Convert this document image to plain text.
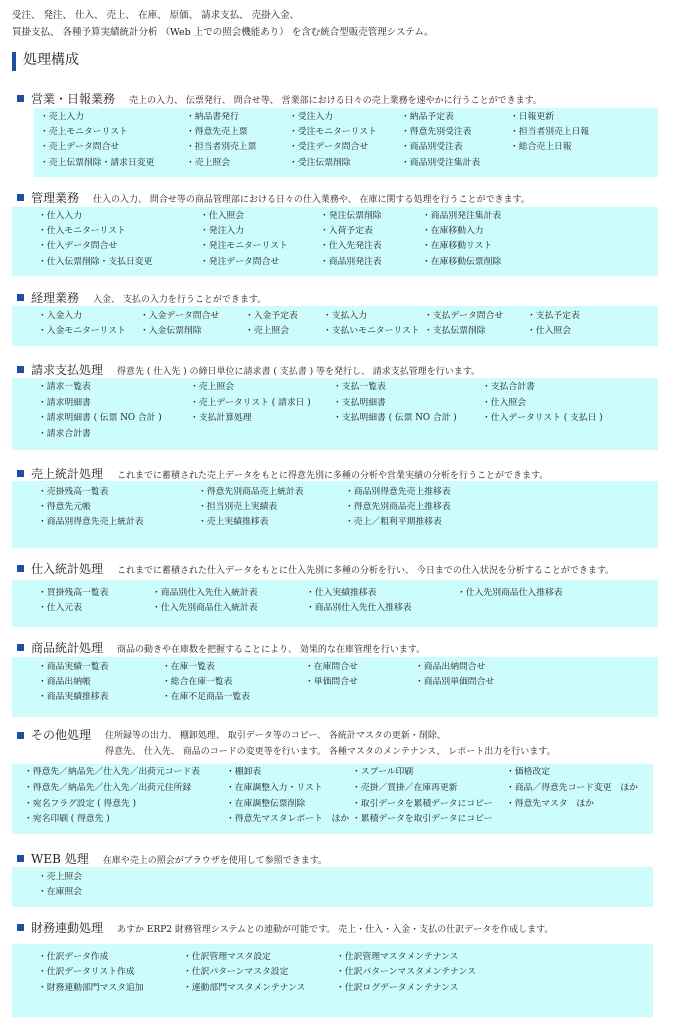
受注、 発注、 仕入、 売上、 在庫、 原価、 請求支払、 売掛入金、
買掛支払、 各種予算実績統計分析 （Web 上での照会機能あり） を含む統合型販売管理システム。
処理構成
営業・日報業務 売上の入力、 伝票発行、 問合せ等、 営業部における日々の売上業務を速やかに行うことができます。
・売上入力
・売上モニターリスト
・売上データ問合せ
・売上伝票削除・請求日変更
・納品書発行
・得意先売上票
・担当者別売上票
・売上照会
・受注入力
・受注モニターリスト
・受注データ問合せ
・受注伝票削除
・納品予定表
・得意先別受注表
・商品別受注表
・商品別受注集計表
・日報更新
・担当者別売上日報
・総合売上日報
管理業務 仕入の入力、 問合せ等の商品管理部における日々の仕入業務や、 在庫に関する処理を行うことができます。
・仕入入力
・仕入モニターリスト
・仕入データ問合せ
・仕入伝票削除・支払日変更
・仕入照会
・発注入力
・発注モニターリスト
・発注データ問合せ
・発注伝票削除
・入荷予定表
・仕入先発注表
・商品別発注表
・商品別発注集計表
・在庫移動入力
・在庫移動リスト
・在庫移動伝票削除
経理業務 入金、 支払の入力を行うことができます。
・入金入力
・入金モニターリスト
・入金データ問合せ
・入金伝票削除
・入金予定表
・売上照会
・支払入力
・支払いモニターリスト
・支払データ問合せ
・支払伝票削除
・支払予定表
・仕入照会
請求支払処理 得意先 ( 仕入先 ) の締日単位に請求書 ( 支払書 ) 等を発行し、 請求支払管理を行います。
・請求一覧表
・請求明細書
・請求明細書 ( 伝票 NO 合計 )
・請求合計書
・売上照会
・売上データリスト ( 請求日 )
・支払計算処理
・支払一覧表
・支払明細書
・支払明細書 ( 伝票 NO 合計 )
・支払合計書
・仕入照会
・仕入データリスト ( 支払日 )
売上統計処理 これまでに蓄積された売上データをもとに得意先別に多種の分析や営業実績の分析を行うことができます。
・売掛残高一覧表
・得意先元帳
・商品別得意先売上統計表
・得意先別商品売上統計表
・担当別売上実績表
・売上実績推移表
・商品別得意先売上推移表
・得意先別商品売上推移表
・売上／粗利平期推移表
仕入統計処理 これまでに蓄積された仕入データをもとに仕入先別に多種の分析を行い、 今日までの仕入状況を分析することができます。
・買掛残高一覧表
・仕入元表
・商品別仕入先仕入統計表
・仕入先別商品仕入統計表
・仕入実績推移表
・商品別仕入先仕入推移表
・仕入先別商品仕入推移表
商品統計処理 商品の動きや在庫数を把握することにより、 効果的な在庫管理を行います。
・商品実績一覧表
・商品出納帳
・商品実績推移表
・在庫一覧表
・総合在庫一覧表
・在庫不足商品一覧表
・在庫問合せ
・単価問合せ
・商品出納問合せ
・商品別単価問合せ
その他処理 住所録等の出力、 棚卸処理、 取引データ等のコピー、 各統計マスタの更新・削除、
得意先、 仕入先、 商品のコードの変更等を行います。 各種マスタのメンテナンス、 レポート出力を行います。
・得意先／納品先／仕入先／出荷元コード表
・得意先／納品先／仕入先／出荷元住所録
・宛名フラグ設定 ( 得意先 )
・宛名印刷 ( 得意先 )
・棚卸表
・在庫調整入力・リスト
・在庫調整伝票削除
・得意先マスタレポート　ほか
・スプール印刷
・売掛／買掛／在庫再更新
・取引データを累積データにコピー
・累積データを取引データにコピー
・価格改定
・商品／得意先コード変更　ほか
・得意先マスタ　ほか
WEB 処理 在庫や売上の照会がブラウザを使用して参照できます。
・売上照会
・在庫照会
財務連動処理 あすか ERP2 財務管理システムとの連動が可能です。 売上・仕入・入金・支払の仕訳データを作成します。
・仕訳データ作成
・仕訳データリスト作成
・財務連動部門マスタ追加
・仕訳管理マスタ設定
・仕訳パターンマスタ設定
・連動部門マスタメンテナンス
・仕訳管理マスタメンテナンス
・仕訳パターンマスタメンテナンス
・仕訳ログデータメンテナンス
